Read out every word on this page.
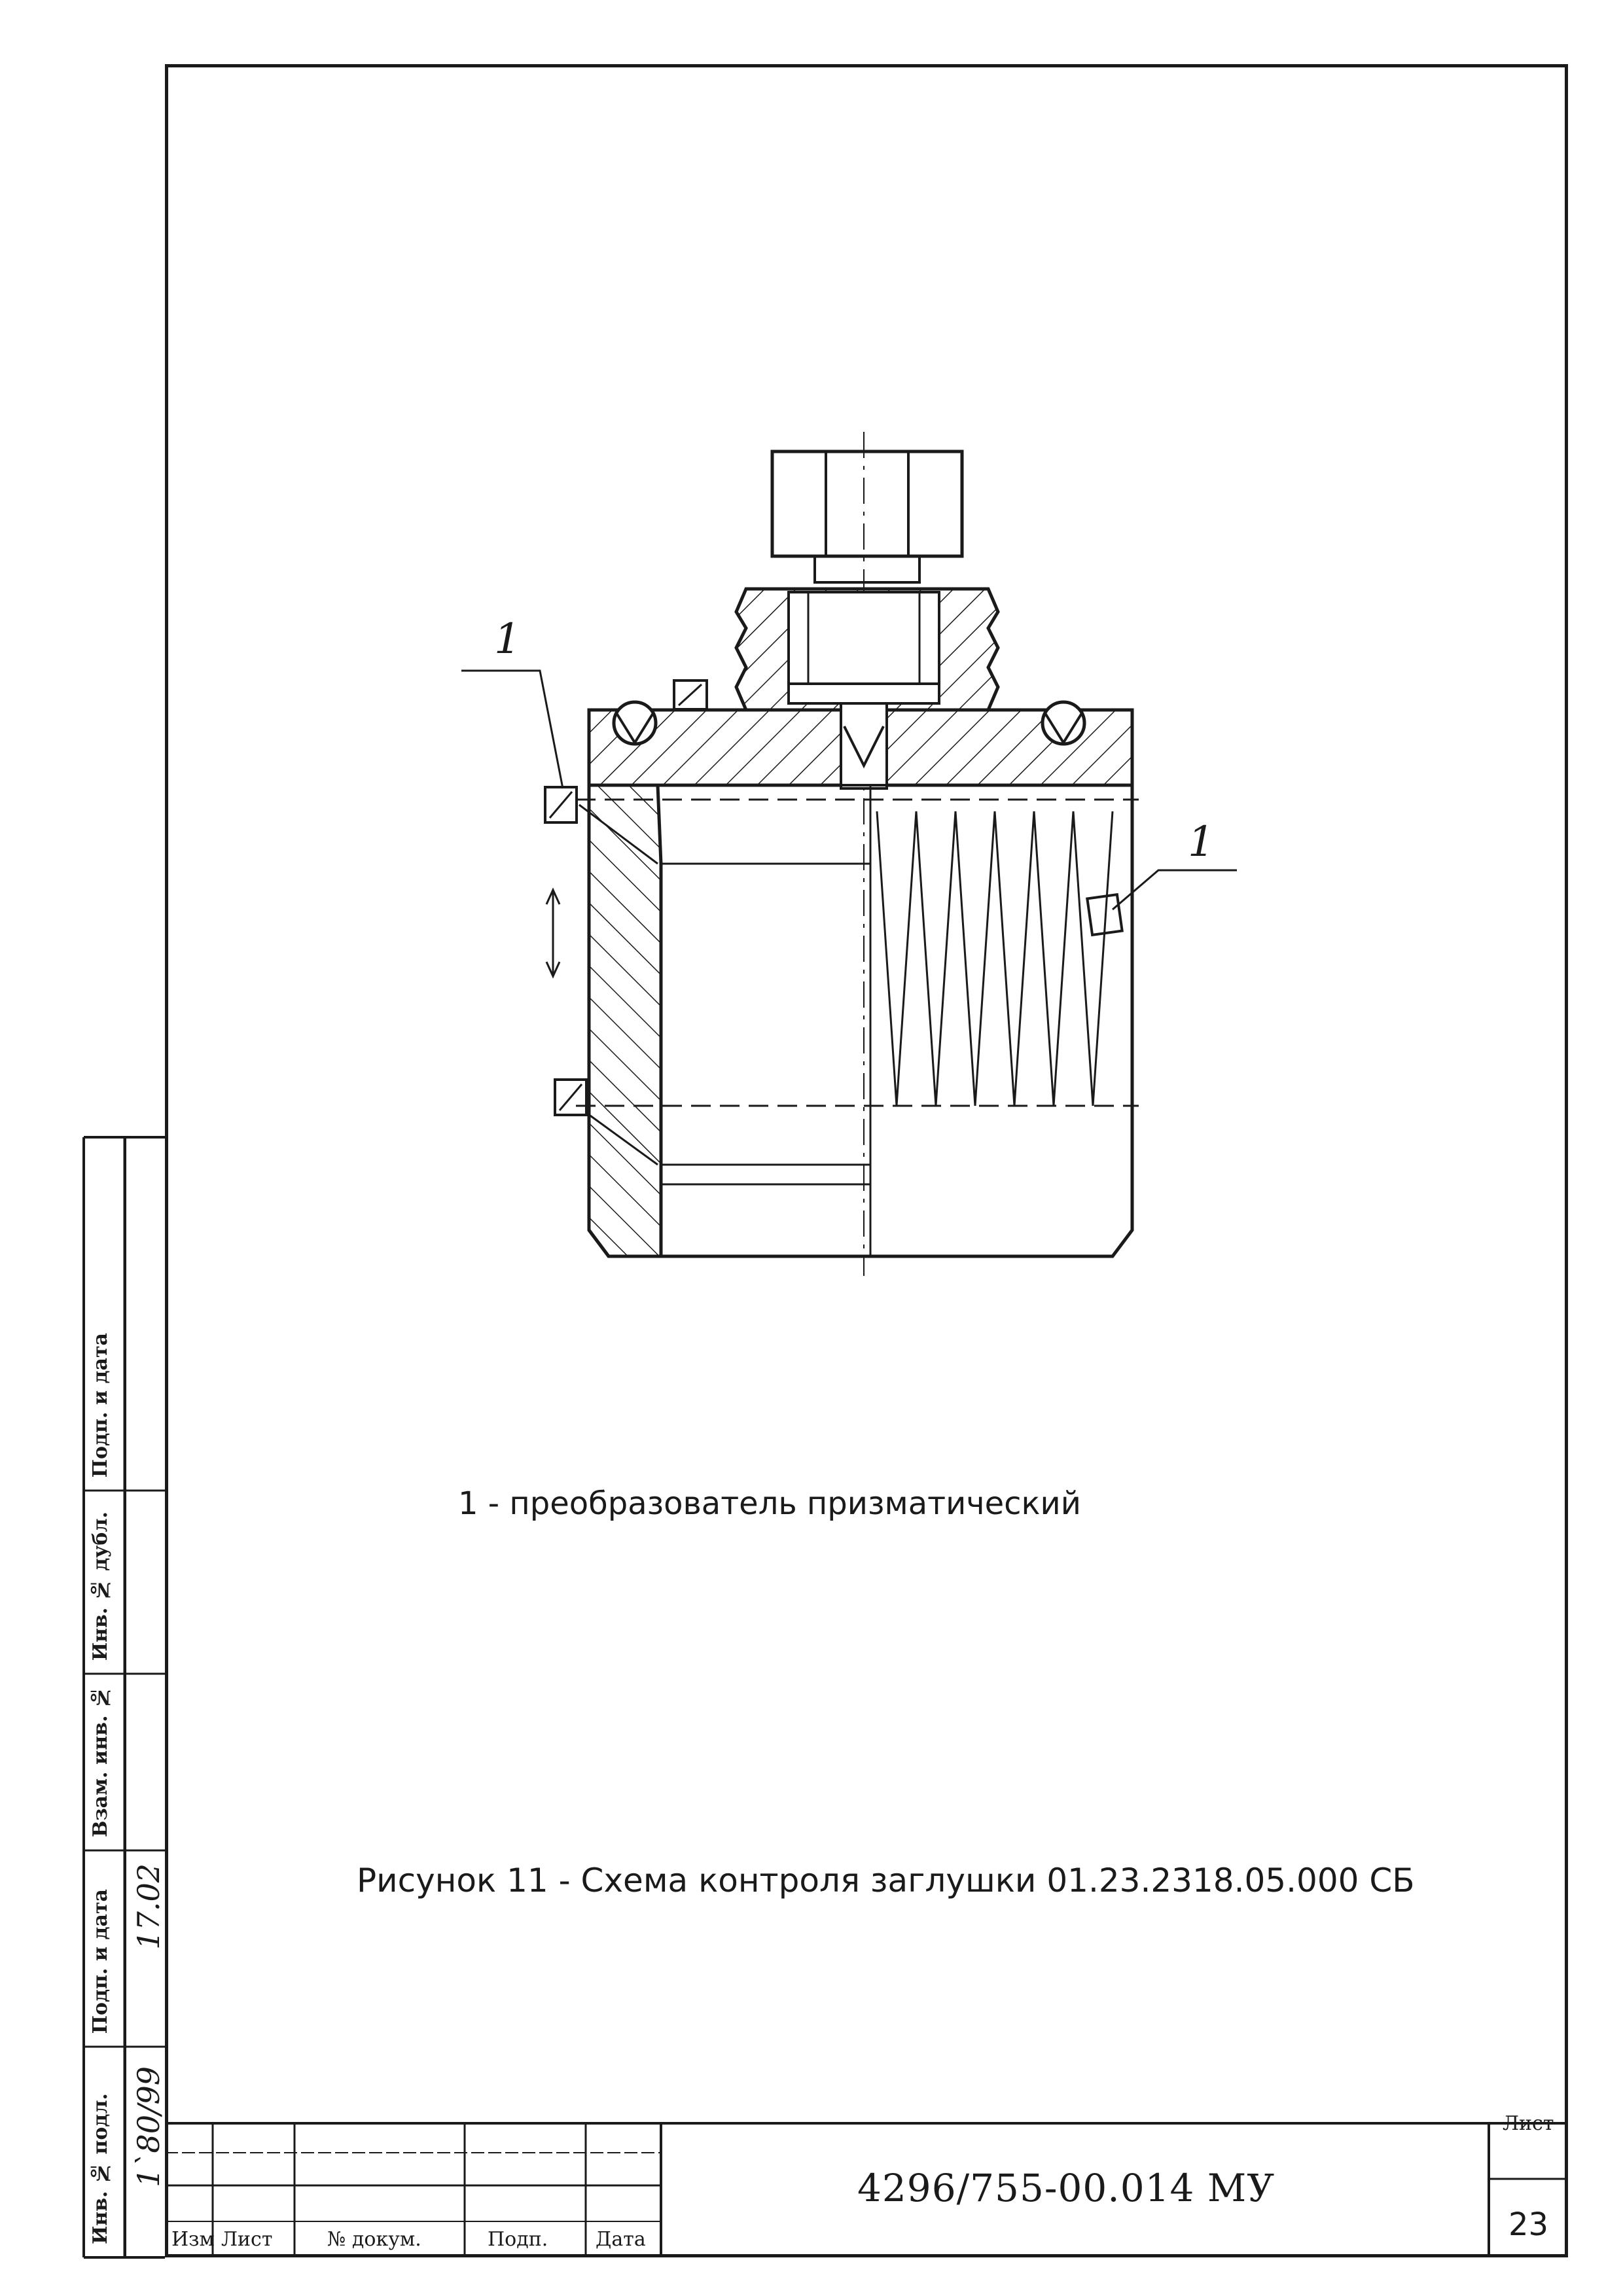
1
1
1 - преобразователь призматический
Рисунок 11 - Схема контроля заглушки 01.23.2318.05.000 СБ
Инв. № подл.
Подп. и дата
Взам. инв. №
Инв. № дубл.
Подп. и дата
1`80/99
17.02
Изм Лист	№ докум.	Подп. Дата
4296/755-00.014 МУ
Лист
23
